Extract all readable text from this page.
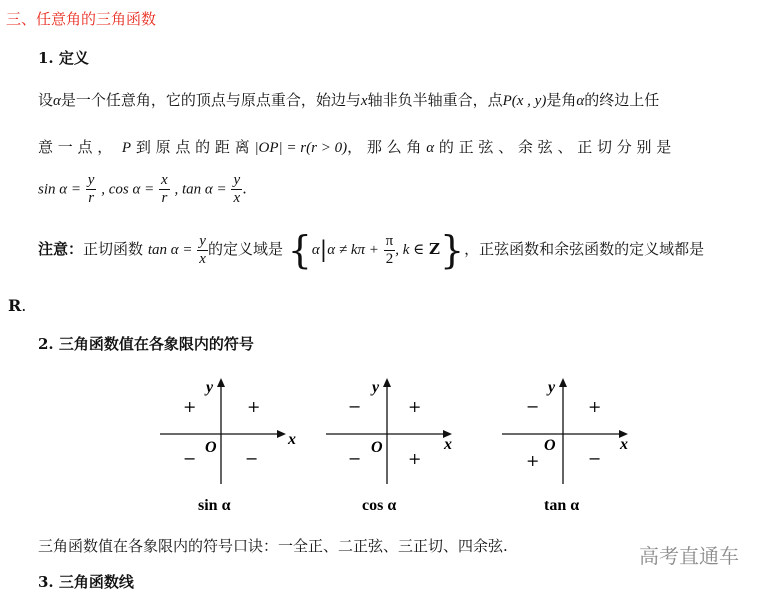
三、任意角的三角函数
1. 定义
设α是一个任意角，它的顶点与原点重合，始边与x轴非负半轴重合，点P(x , y)是角α的终边上任
意 一 点 ， P 到 原 点 的 距 离 |OP| = r(r > 0)， 那 么 角 α 的 正 弦 、 余 弦 、 正 切 分 别 是
$\sin \alpha = \frac{y}{r}$ , $\cos \alpha = \frac{x}{r}$ , $\tan \alpha = \frac{y}{x}$ .
注意：正切函数 $\tan \alpha = \frac{y}{x}$ 的定义域是 {$\alpha|\alpha \ne k\pi + \frac{\pi}{2}$ , k ∈ Z}，正弦函数和余弦函数的定义域都是
R.
2. 三角函数值在各象限内的符号
x
y
O
+
+
−	−
sin α
x
y
O
+
−
−	+
cos α
x
y
O
+
−
+	−
tan α
三角函数值在各象限内的符号口诀：一全正、二正弦、三正切、四余弦.	高考直通车
3. 三角函数线
